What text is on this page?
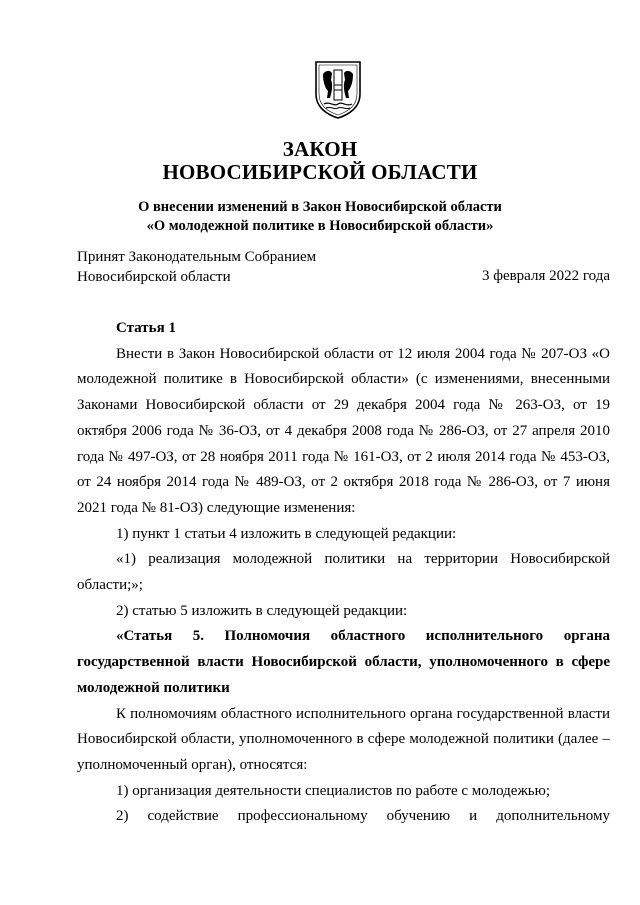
ЗАКОН
НОВОСИБИРСКОЙ ОБЛАСТИ
О внесении изменений в Закон Новосибирской области
«О молодежной политике в Новосибирской области»
Принят Законодательным Собранием
Новосибирской области	3 февраля 2022 года

Статья 1

Внести в Закон Новосибирской области от 12 июля 2004 года № 207-ОЗ «О молодежной политике в Новосибирской области» (с изменениями, внесенными Законами Новосибирской области от 29 декабря 2004 года № 263-ОЗ, от 19 октября 2006 года № 36-ОЗ, от 4 декабря 2008 года № 286-ОЗ, от 27 апреля 2010 года № 497-ОЗ, от 28 ноября 2011 года № 161-ОЗ, от 2 июля 2014 года № 453-ОЗ, от 24 ноября 2014 года № 489-ОЗ, от 2 октября 2018 года № 286-ОЗ, от 7 июня 2021 года № 81-ОЗ) следующие изменения:

1) пункт 1 статьи 4 изложить в следующей редакции:

«1) реализация молодежной политики на территории Новосибирской области;»;

2) статью 5 изложить в следующей редакции:

«Статья 5. Полномочия областного исполнительного органа государственной власти Новосибирской области, уполномоченного в сфере молодежной политики

К полномочиям областного исполнительного органа государственной власти Новосибирской области, уполномоченного в сфере молодежной политики (далее – уполномоченный орган), относятся:

1) организация деятельности специалистов по работе с молодежью;

2) содействие профессиональному обучению и дополнительному
